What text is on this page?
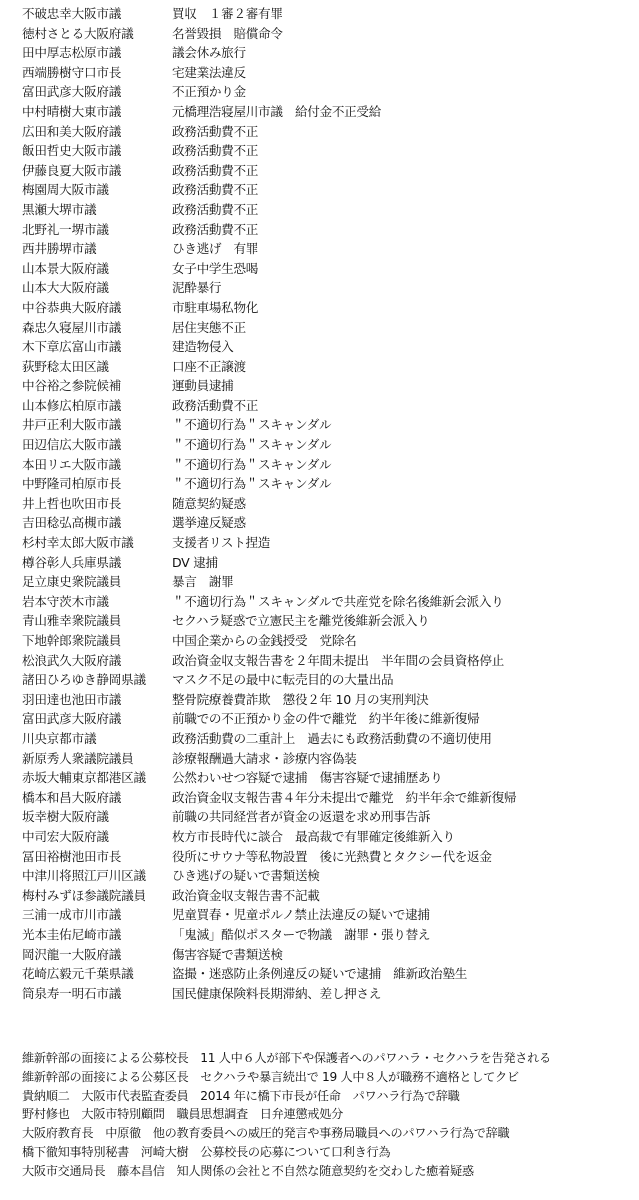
不破忠幸大阪市議	買収　１審２審有罪
徳村さとる大阪府議	名誉毀損　賠償命令
田中厚志松原市議	議会休み旅行
西端勝樹守口市長	宅建業法違反
富田武彦大阪府議	不正預かり金
中村晴樹大東市議	元橋理浩寝屋川市議　給付金不正受給
広田和美大阪府議	政務活動費不正
飯田哲史大阪市議	政務活動費不正
伊藤良夏大阪市議	政務活動費不正
梅園周大阪市議	政務活動費不正
黒瀬大堺市議	政務活動費不正
北野礼一堺市議	政務活動費不正
西井勝堺市議	ひき逃げ　有罪
山本景大阪府議	女子中学生恐喝
山本大大阪府議	泥酔暴行
中谷恭典大阪府議	市駐車場私物化
森忠久寝屋川市議	居住実態不正
木下章広富山市議	建造物侵入
荻野稔太田区議	口座不正譲渡
中谷裕之参院候補	運動員逮捕
山本修広柏原市議	政務活動費不正
井戸正利大阪市議	＂不適切行為＂スキャンダル
田辺信広大阪市議	＂不適切行為＂スキャンダル
本田リエ大阪市議	＂不適切行為＂スキャンダル
中野隆司柏原市長	＂不適切行為＂スキャンダル
井上哲也吹田市長	随意契約疑惑
吉田稔弘高槻市議	選挙違反疑惑
杉村幸太郎大阪市議	支援者リスト捏造
樽谷彰人兵庫県議	DV 逮捕
足立康史衆院議員	暴言　謝罪
岩本守茨木市議	＂不適切行為＂スキャンダルで共産党を除名後維新会派入り
青山雅幸衆院議員	セクハラ疑惑で立憲民主を離党後維新会派入り
下地幹郎衆院議員	中国企業からの金銭授受　党除名
松浪武久大阪府議	政治資金収支報告書を２年間未提出　半年間の会員資格停止
諸田ひろゆき静岡県議 マスク不足の最中に転売目的の大量出品
羽田達也池田市議	整骨院療養費詐欺　懲役２年 10 月の実刑判決
富田武彦大阪府議	前職での不正預かり金の件で離党　約半年後に維新復帰
川央京都市議	政務活動費の二重計上　過去にも政務活動費の不適切使用
新原秀人衆議院議員	診療報酬過大請求・診療内容偽装
赤坂大輔東京都港区議 公然わいせつ容疑で逮捕　傷害容疑で逮捕歴あり
橋本和昌大阪府議	政治資金収支報告書４年分未提出で離党　約半年余で維新復帰
坂幸樹大阪府議	前職の共同経営者が資金の返還を求め刑事告訴
中司宏大阪府議	枚方市長時代に談合　最高裁で有罪確定後維新入り
冨田裕樹池田市長	役所にサウナ等私物設置　後に光熱費とタクシー代を返金
中津川将照江戸川区議 ひき逃げの疑いで書類送検
梅村みずほ参議院議員 政治資金収支報告書不記載
三浦一成市川市議	児童買春・児童ポルノ禁止法違反の疑いで逮捕
光本圭佑尼崎市議	「鬼滅」酷似ポスターで物議　謝罪・張り替え
岡沢龍一大阪府議	傷害容疑で書類送検
花崎広毅元千葉県議	盗撮・迷惑防止条例違反の疑いで逮捕　維新政治塾生
筒泉寿一明石市議	国民健康保険料長期滞納、差し押さえ
維新幹部の面接による公募校長　11 人中６人が部下や保護者へのパワハラ・セクハラを告発される
維新幹部の面接による公募区長　セクハラや暴言続出で 19 人中８人が職務不適格としてクビ
貴納順二　大阪市代表監査委員　2014 年に橋下市長が任命　パワハラ行為で辞職
野村修也　大阪市特別顧問　職員思想調査　日弁連懲戒処分
大阪府教育長　中原徹　他の教育委員への威圧的発言や事務局職員へのパワハラ行為で辞職
橋下徹知事特別秘書　河崎大樹　公募校長の応募について口利き行為
大阪市交通局長　藤本昌信　知人関係の会社と不自然な随意契約を交わした癒着疑惑
